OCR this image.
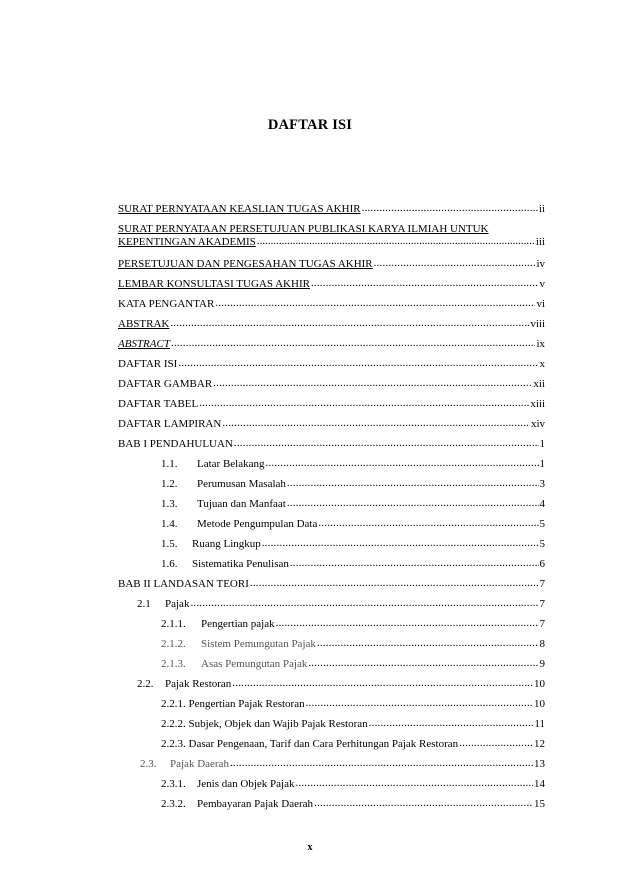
DAFTAR ISI
SURAT PERNYATAAN KEASLIAN TUGAS AKHIR .....	ii
SURAT PERNYATAAN PERSETUJUAN PUBLIKASI KARYA ILMIAH UNTUK
KEPENTINGAN AKADEMIS .....	iii
PERSETUJUAN DAN PENGESAHAN TUGAS AKHIR .....	iv
LEMBAR KONSULTASI TUGAS AKHIR .....	v
KATA PENGANTAR .....	vi
ABSTRAK .....	viii
ABSTRACT .....	ix
DAFTAR ISI .....	x
DAFTAR GAMBAR .....	xii
DAFTAR TABEL .....	xiii
DAFTAR LAMPIRAN .....	xiv
BAB I PENDAHULUAN .....	1
1.1.	Latar Belakang .....	1
1.2.	Perumusan Masalah .....	3
1.3.	Tujuan dan Manfaat .....	4
1.4.	Metode Pengumpulan Data .....	5
1.5.	Ruang Lingkup .....	5
1.6.	Sistematika Penulisan .....	6
BAB II LANDASAN TEORI .....	7
2.1	Pajak .....	7
2.1.1.	Pengertian pajak .....	7
2.1.2.	Sistem Pemungutan Pajak .....	8
2.1.3.	Asas Pemungutan Pajak .....	9
2.2.	Pajak Restoran .....	10
2.2.1. Pengertian Pajak Restoran .....	10
2.2.2. Subjek, Objek dan Wajib Pajak Restoran .....	11
2.2.3. Dasar Pengenaan, Tarif dan Cara Perhitungan Pajak Restoran .....	12
2.3.	Pajak Daerah .....	13
2.3.1.	Jenis dan Objek Pajak .....	14
2.3.2.	Pembayaran Pajak Daerah .....	15
x
